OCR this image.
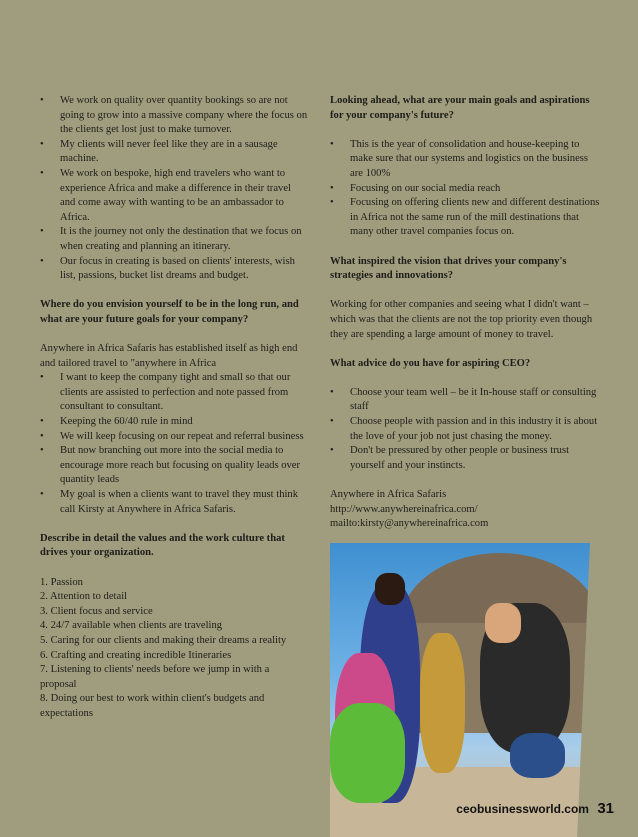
• We work on quality over quantity bookings so are not going to grow into a massive company where the focus on the clients get lost just to make turnover.
• My clients will never feel like they are in a sausage machine.
• We work on bespoke, high end travelers who want to experience Africa and make a difference in their travel and come away with wanting to be an ambassador to Africa.
• It is the journey not only the destination that we focus on when creating and planning an itinerary.
• Our focus in creating is based on clients' interests, wish list, passions, bucket list dreams and budget.

Where do you envision yourself to be in the long run, and what are your future goals for your company?

Anywhere in Africa Safaris has established itself as high end and tailored travel to "anywhere in Africa

• I want to keep the company tight and small so that our clients are assisted to perfection and note passed from consultant to consultant.
• Keeping the 60/40 rule in mind
• We will keep focusing on our repeat and referral business
• But now branching out more into the social media to encourage more reach but focusing on quality leads over quantity leads
• My goal is when a clients want to travel they must think call Kirsty at Anywhere in Africa Safaris.

Describe in detail the values and the work culture that drives your organization.

1. Passion

2. Attention to detail

3. Client focus and service

4. 24/7 available when clients are traveling

5. Caring for our clients and making their dreams a reality

6. Crafting and creating incredible Itineraries

7. Listening to clients' needs before we jump in with a proposal

8. Doing our best to work within client's budgets and expectations

Looking ahead, what are your main goals and aspirations for your company's future?

• This is the year of consolidation and house-keeping to make sure that our systems and logistics on the business are 100%
• Focusing on our social media reach
• Focusing on offering clients new and different destinations in Africa not the same run of the mill destinations that many other travel companies focus on.

What inspired the vision that drives your company's strategies and innovations?

Working for other companies and seeing what I didn't want – which was that the clients are not the top priority even though they are spending a large amount of money to travel.

What advice do you have for aspiring CEO?

• Choose your team well – be it In-house staff or consulting staff
• Choose people with passion and in this industry it is about the love of your job not just chasing the money.
• Don't be pressured by other people or business trust yourself and your instincts.

Anywhere in Africa Safaris

http://www.anywhereinafrica.com/

mailto:kirsty@anywhereinafrica.com

ceobusinessworld.com 31
